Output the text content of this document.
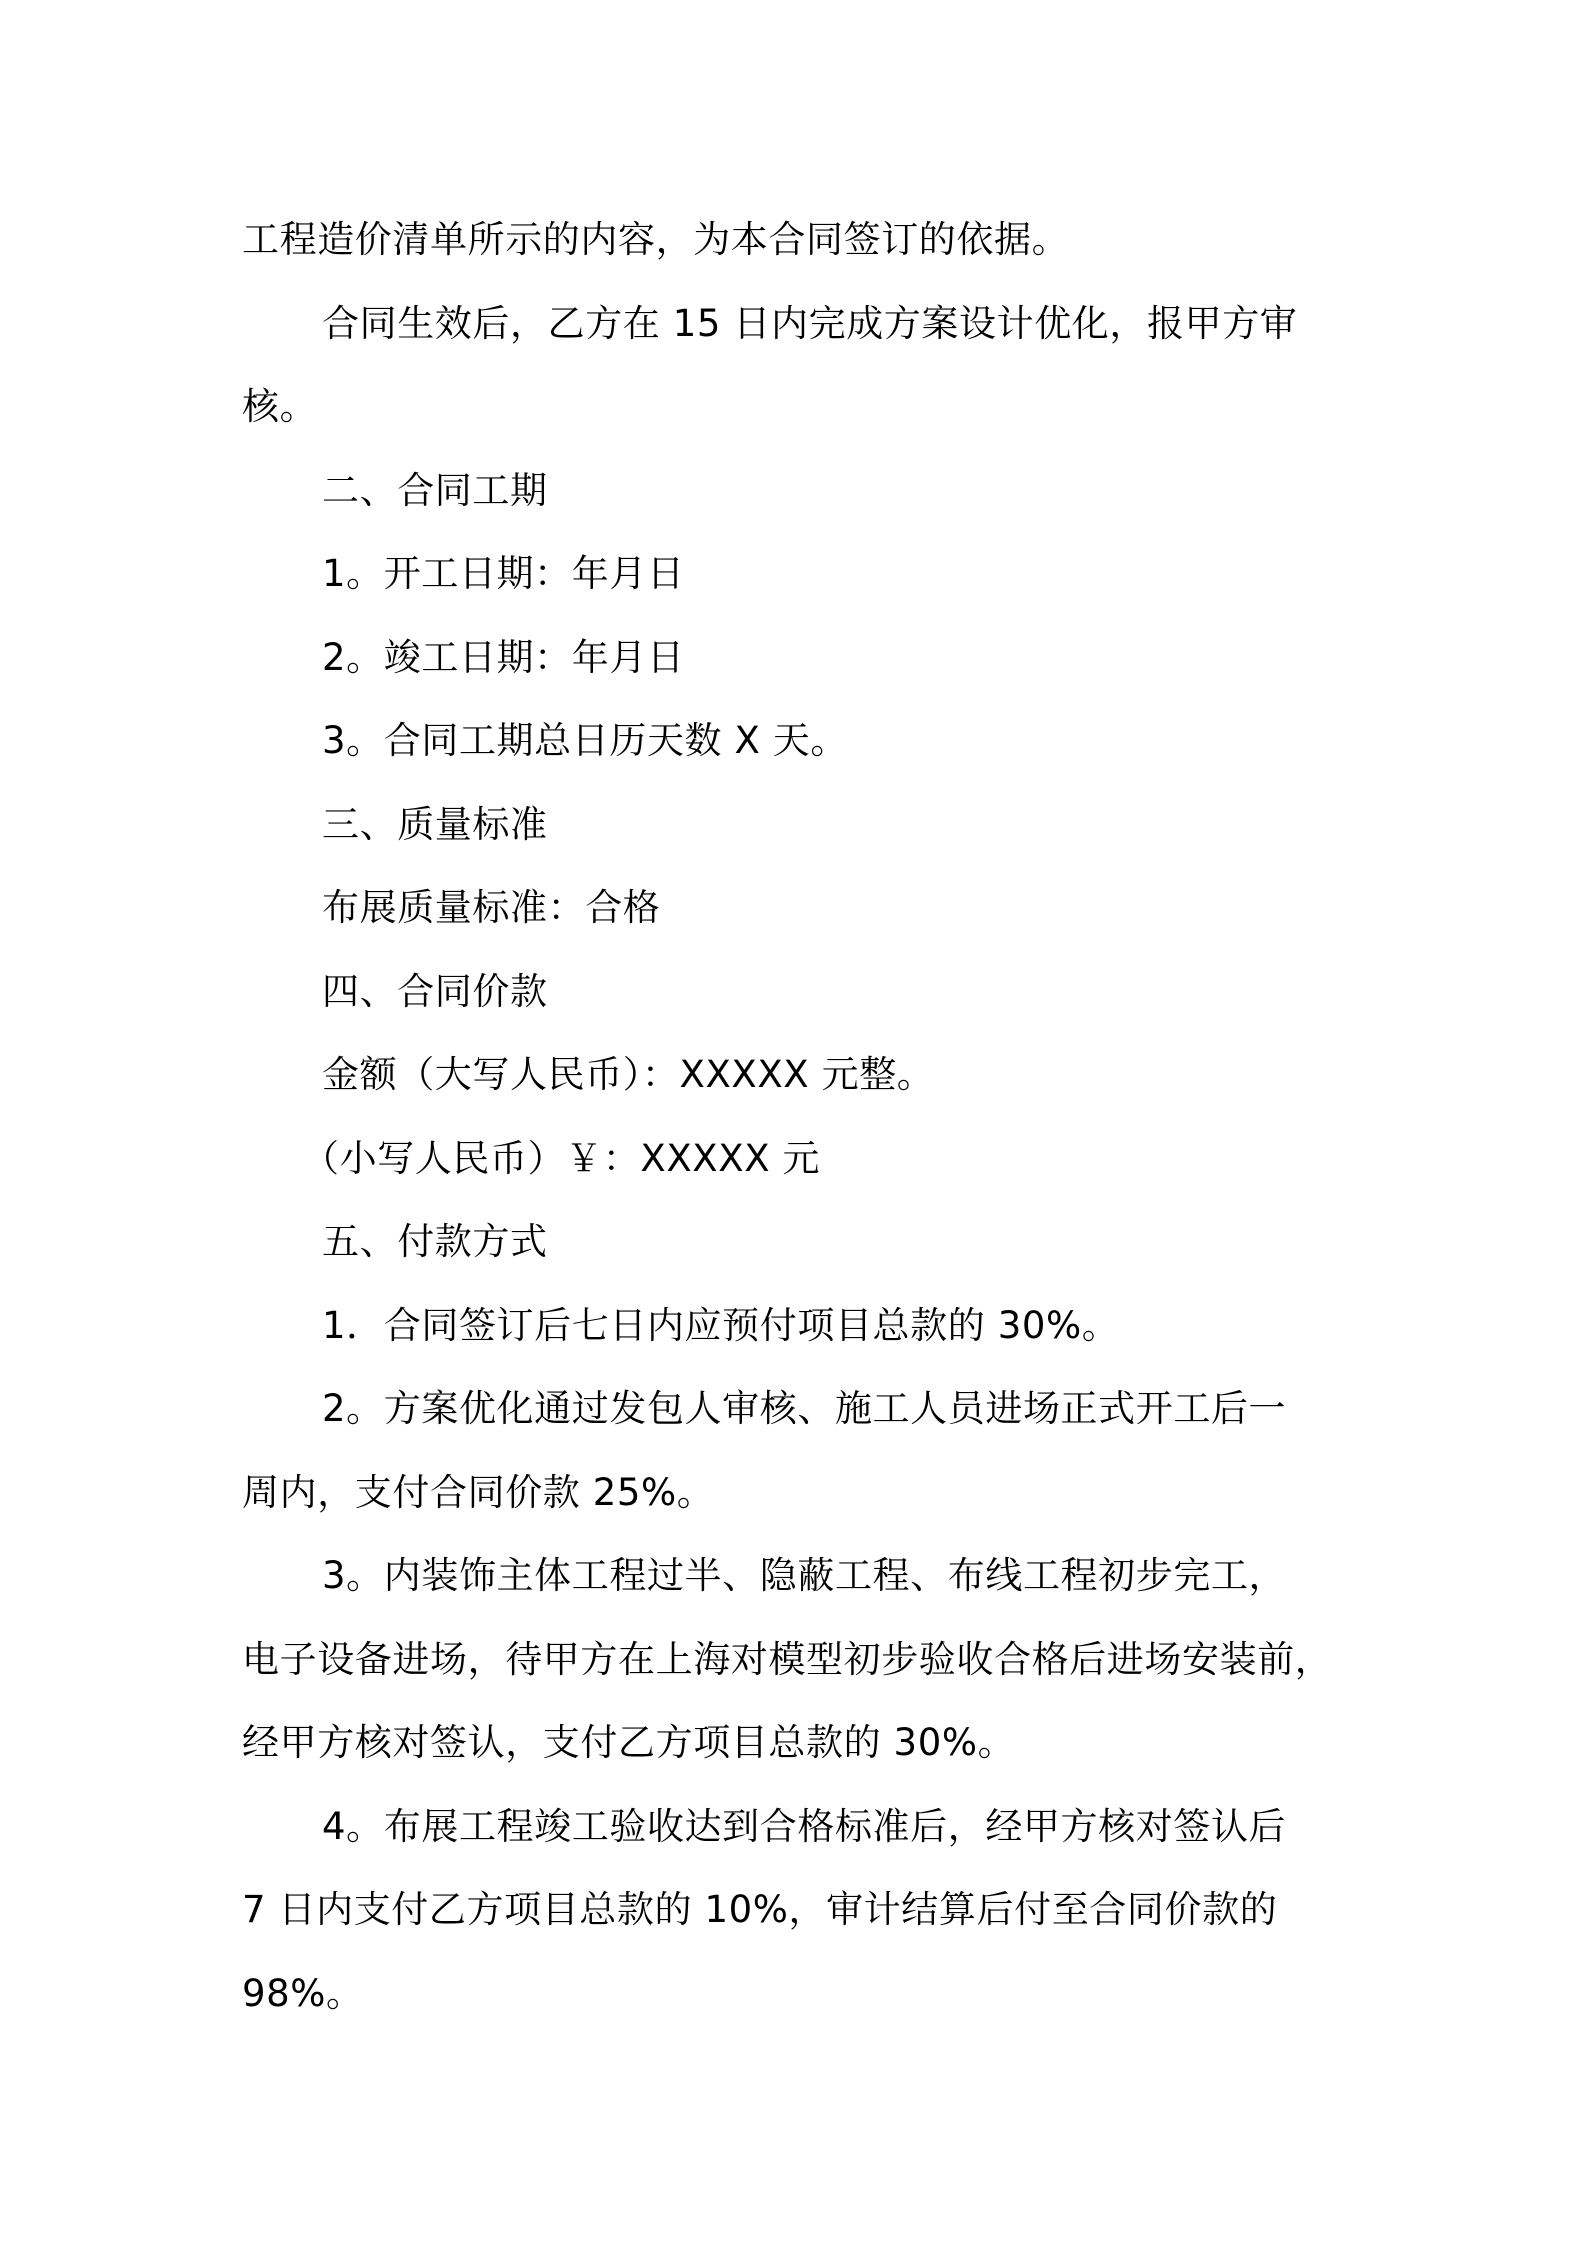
工程造价清单所示的内容，为本合同签订的依据。

合同生效后，乙方在 15 日内完成方案设计优化，报甲方审

核。

二、合同工期

1。开工日期：年月日

2。竣工日期：年月日

3。合同工期总日历天数 X 天。

三、质量标准

布展质量标准：合格

四、合同价款

金额（大写人民币）：XXXXX 元整。

（小写人民币）￥：XXXXX 元

五、付款方式

1．合同签订后七日内应预付项目总款的 30%。

2。方案优化通过发包人审核、施工人员进场正式开工后一

周内，支付合同价款 25%。

3。内装饰主体工程过半、隐蔽工程、布线工程初步完工，

电子设备进场，待甲方在上海对模型初步验收合格后进场安装前，

经甲方核对签认，支付乙方项目总款的 30%。

4。布展工程竣工验收达到合格标准后，经甲方核对签认后

7 日内支付乙方项目总款的 10%，审计结算后付至合同价款的

98%。
